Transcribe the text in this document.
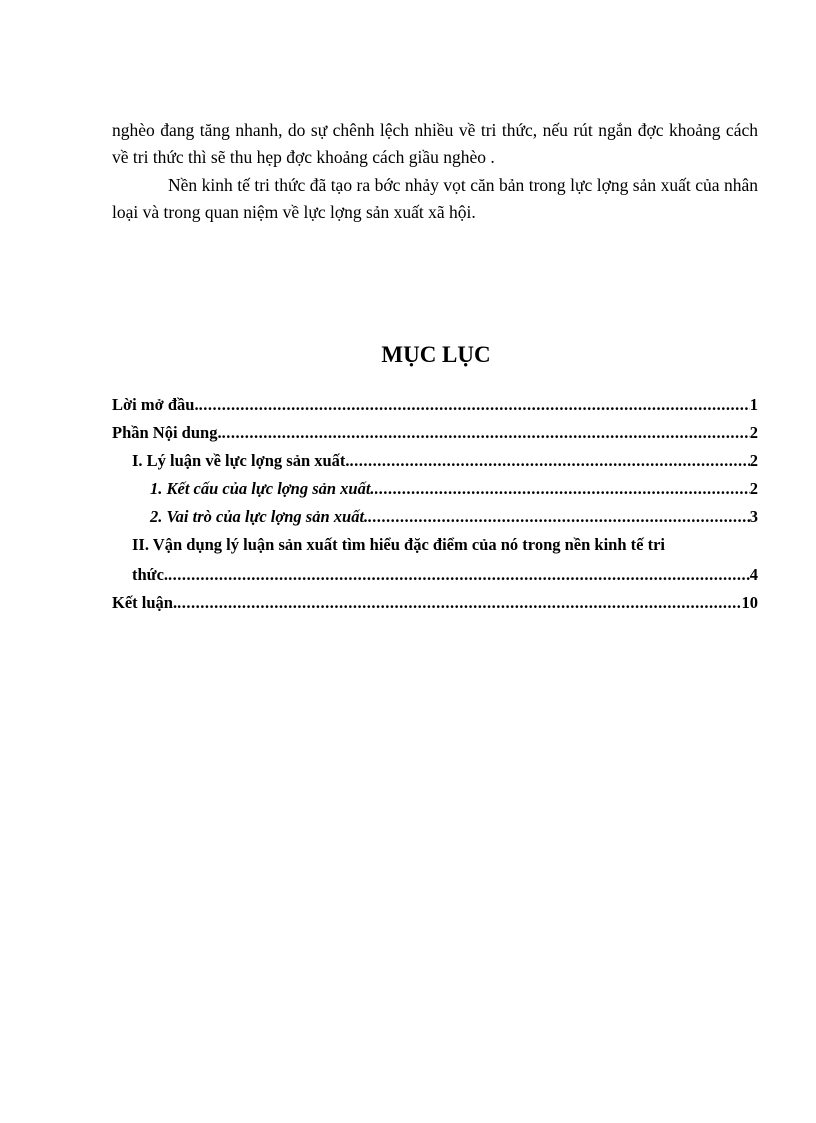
nghèo đang tăng nhanh, do sự chênh lệch nhiều về tri thức, nếu rút ngắn đợc khoảng cách về tri thức thì sẽ thu hẹp đợc khoảng cách giầu nghèo .

Nền kinh tế tri thức đã tạo ra bớc nhảy vọt căn bản trong lực lợng sản xuất của nhân loại và trong quan niệm về lực lợng sản xuất xã hội.

MỤC LỤC
Lời mở đầu. .....	1
Phần Nội dung. .....	2
I. Lý luận về lực lợng sản xuất. .....	2
1. Kết cấu của lực lợng sản xuất. .....	2
2. Vai trò của lực lợng sản xuất. .....	3
II. Vận dụng lý luận sản xuất tìm hiểu đặc điểm của nó trong nền kinh tế tri
thức. .....	4
Kết luận. .....	10
